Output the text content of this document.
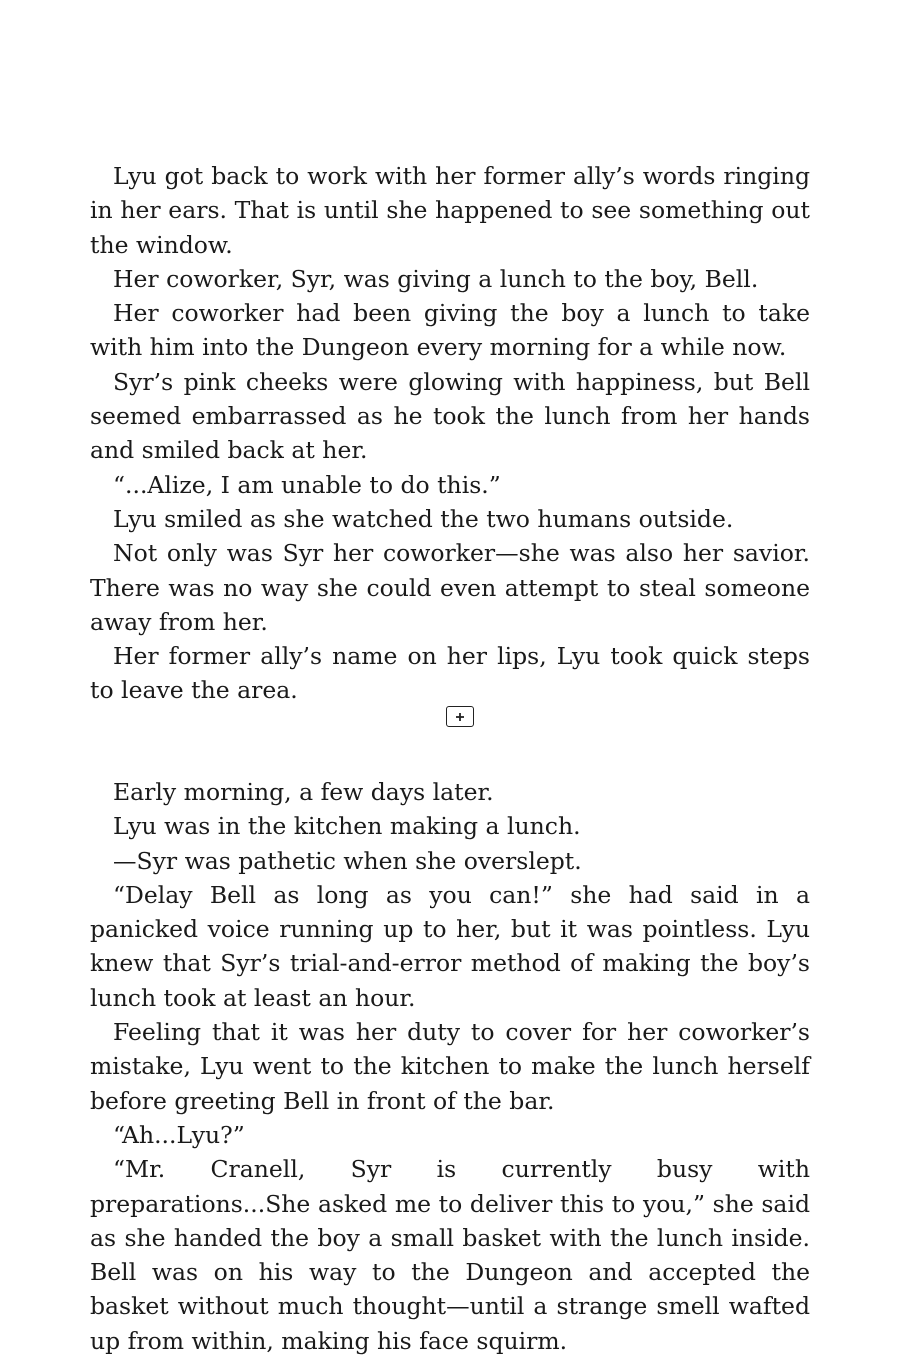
Lyu got back to work with her former ally’s words ringing in her ears. That is until she happened to see something out the window.

Her coworker, Syr, was giving a lunch to the boy, Bell.

Her coworker had been giving the boy a lunch to take with him into the Dungeon every morning for a while now.

Syr’s pink cheeks were glowing with happiness, but Bell seemed embarrassed as he took the lunch from her hands and smiled back at her.

“...Alize, I am unable to do this.”

Lyu smiled as she watched the two humans outside.

Not only was Syr her coworker—she was also her savior. There was no way she could even attempt to steal someone away from her.

Her former ally’s name on her lips, Lyu took quick steps to leave the area.

Early morning, a few days later.

Lyu was in the kitchen making a lunch.

—Syr was pathetic when she overslept.

“Delay Bell as long as you can!” she had said in a panicked voice running up to her, but it was pointless. Lyu knew that Syr’s trial-and-error method of making the boy’s lunch took at least an hour.

Feeling that it was her duty to cover for her coworker’s mistake, Lyu went to the kitchen to make the lunch herself before greeting Bell in front of the bar.

“Ah...Lyu?”

“Mr. Cranell, Syr is currently busy with preparations...She asked me to deliver this to you,” she said as she handed the boy a small basket with the lunch inside. Bell was on his way to the Dungeon and accepted the basket without much thought—until a strange smell wafted up from within, making his face squirm.
